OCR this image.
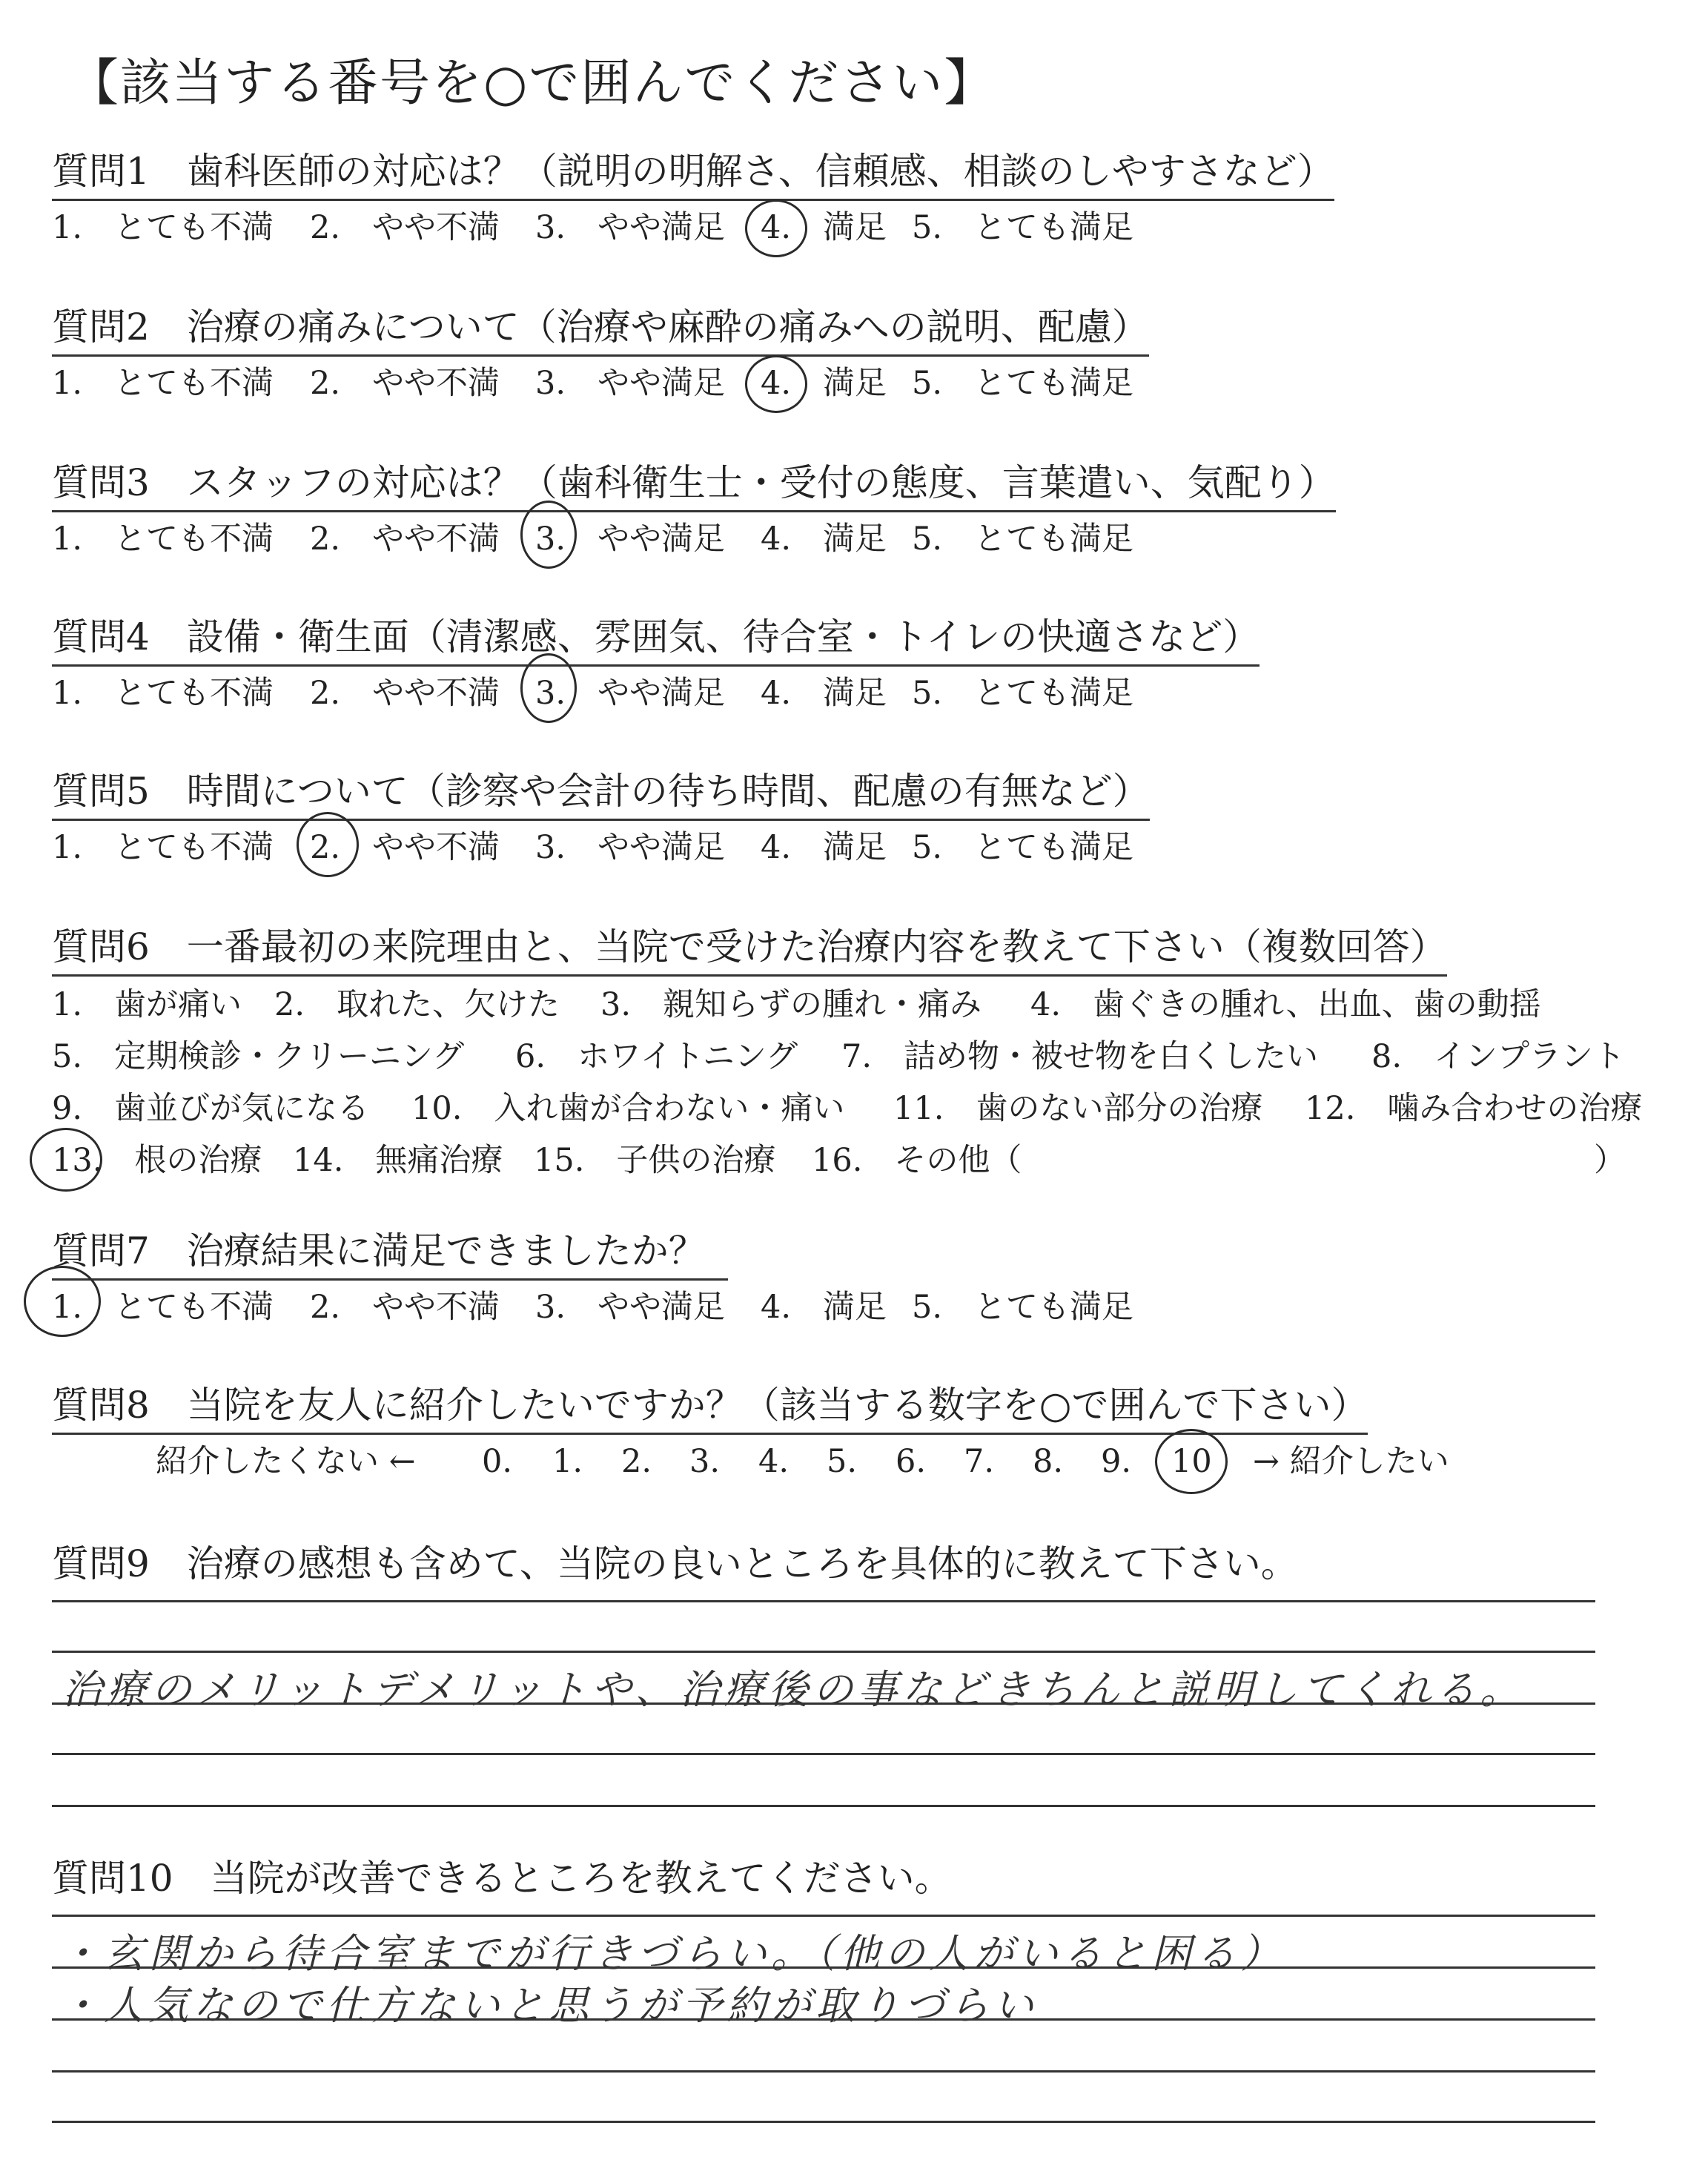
【該当する番号を○で囲んでください】
質問1　歯科医師の対応は？（説明の明解さ、信頼感、相談のしやすさなど）
1.　とても不満 2.　やや不満 3.　やや満足 4.　満足 5.　とても満足
質問2　治療の痛みについて（治療や麻酔の痛みへの説明、配慮）
1.　とても不満 2.　やや不満 3.　やや満足 4.　満足 5.　とても満足
質問3　スタッフの対応は？（歯科衛生士・受付の態度、言葉遣い、気配り）
1.　とても不満 2.　やや不満 3.　やや満足 4.　満足 5.　とても満足
質問4　設備・衛生面（清潔感、雰囲気、待合室・トイレの快適さなど）
1.　とても不満 2.　やや不満 3.　やや満足 4.　満足 5.　とても満足
質問5　時間について（診察や会計の待ち時間、配慮の有無など）
1.　とても不満 2.　やや不満 3.　やや満足 4.　満足 5.　とても満足
質問6　一番最初の来院理由と、当院で受けた治療内容を教えて下さい（複数回答）
1.　歯が痛い 2.　取れた、欠けた 3.　親知らずの腫れ・痛み 4.　歯ぐきの腫れ、出血、歯の動揺
5.　定期検診・クリーニング 6.　ホワイトニング 7.　詰め物・被せ物を白くしたい 8.　インプラント
9.　歯並びが気になる 10.　入れ歯が合わない・痛い 11.　歯のない部分の治療 12.　噛み合わせの治療
13.　根の治療 14.　無痛治療 15.　子供の治療 16.　その他（	）
質問7　治療結果に満足できましたか？
1.　とても不満 2.　やや不満 3.　やや満足 4.　満足 5.　とても満足
質問8　当院を友人に紹介したいですか？（該当する数字を○で囲んで下さい）
紹介したくない ← 0. 1. 2. 3. 4. 5. 6. 7. 8. 9. 10 → 紹介したい
質問9　治療の感想も含めて、当院の良いところを具体的に教えて下さい。
治療のメリットデメリットや、治療後の事などきちんと説明してくれる。
質問10　当院が改善できるところを教えてください。
・玄関から待合室までが行きづらい。（他の人がいると困る）
・人気なので仕方ないと思うが予約が取りづらい
